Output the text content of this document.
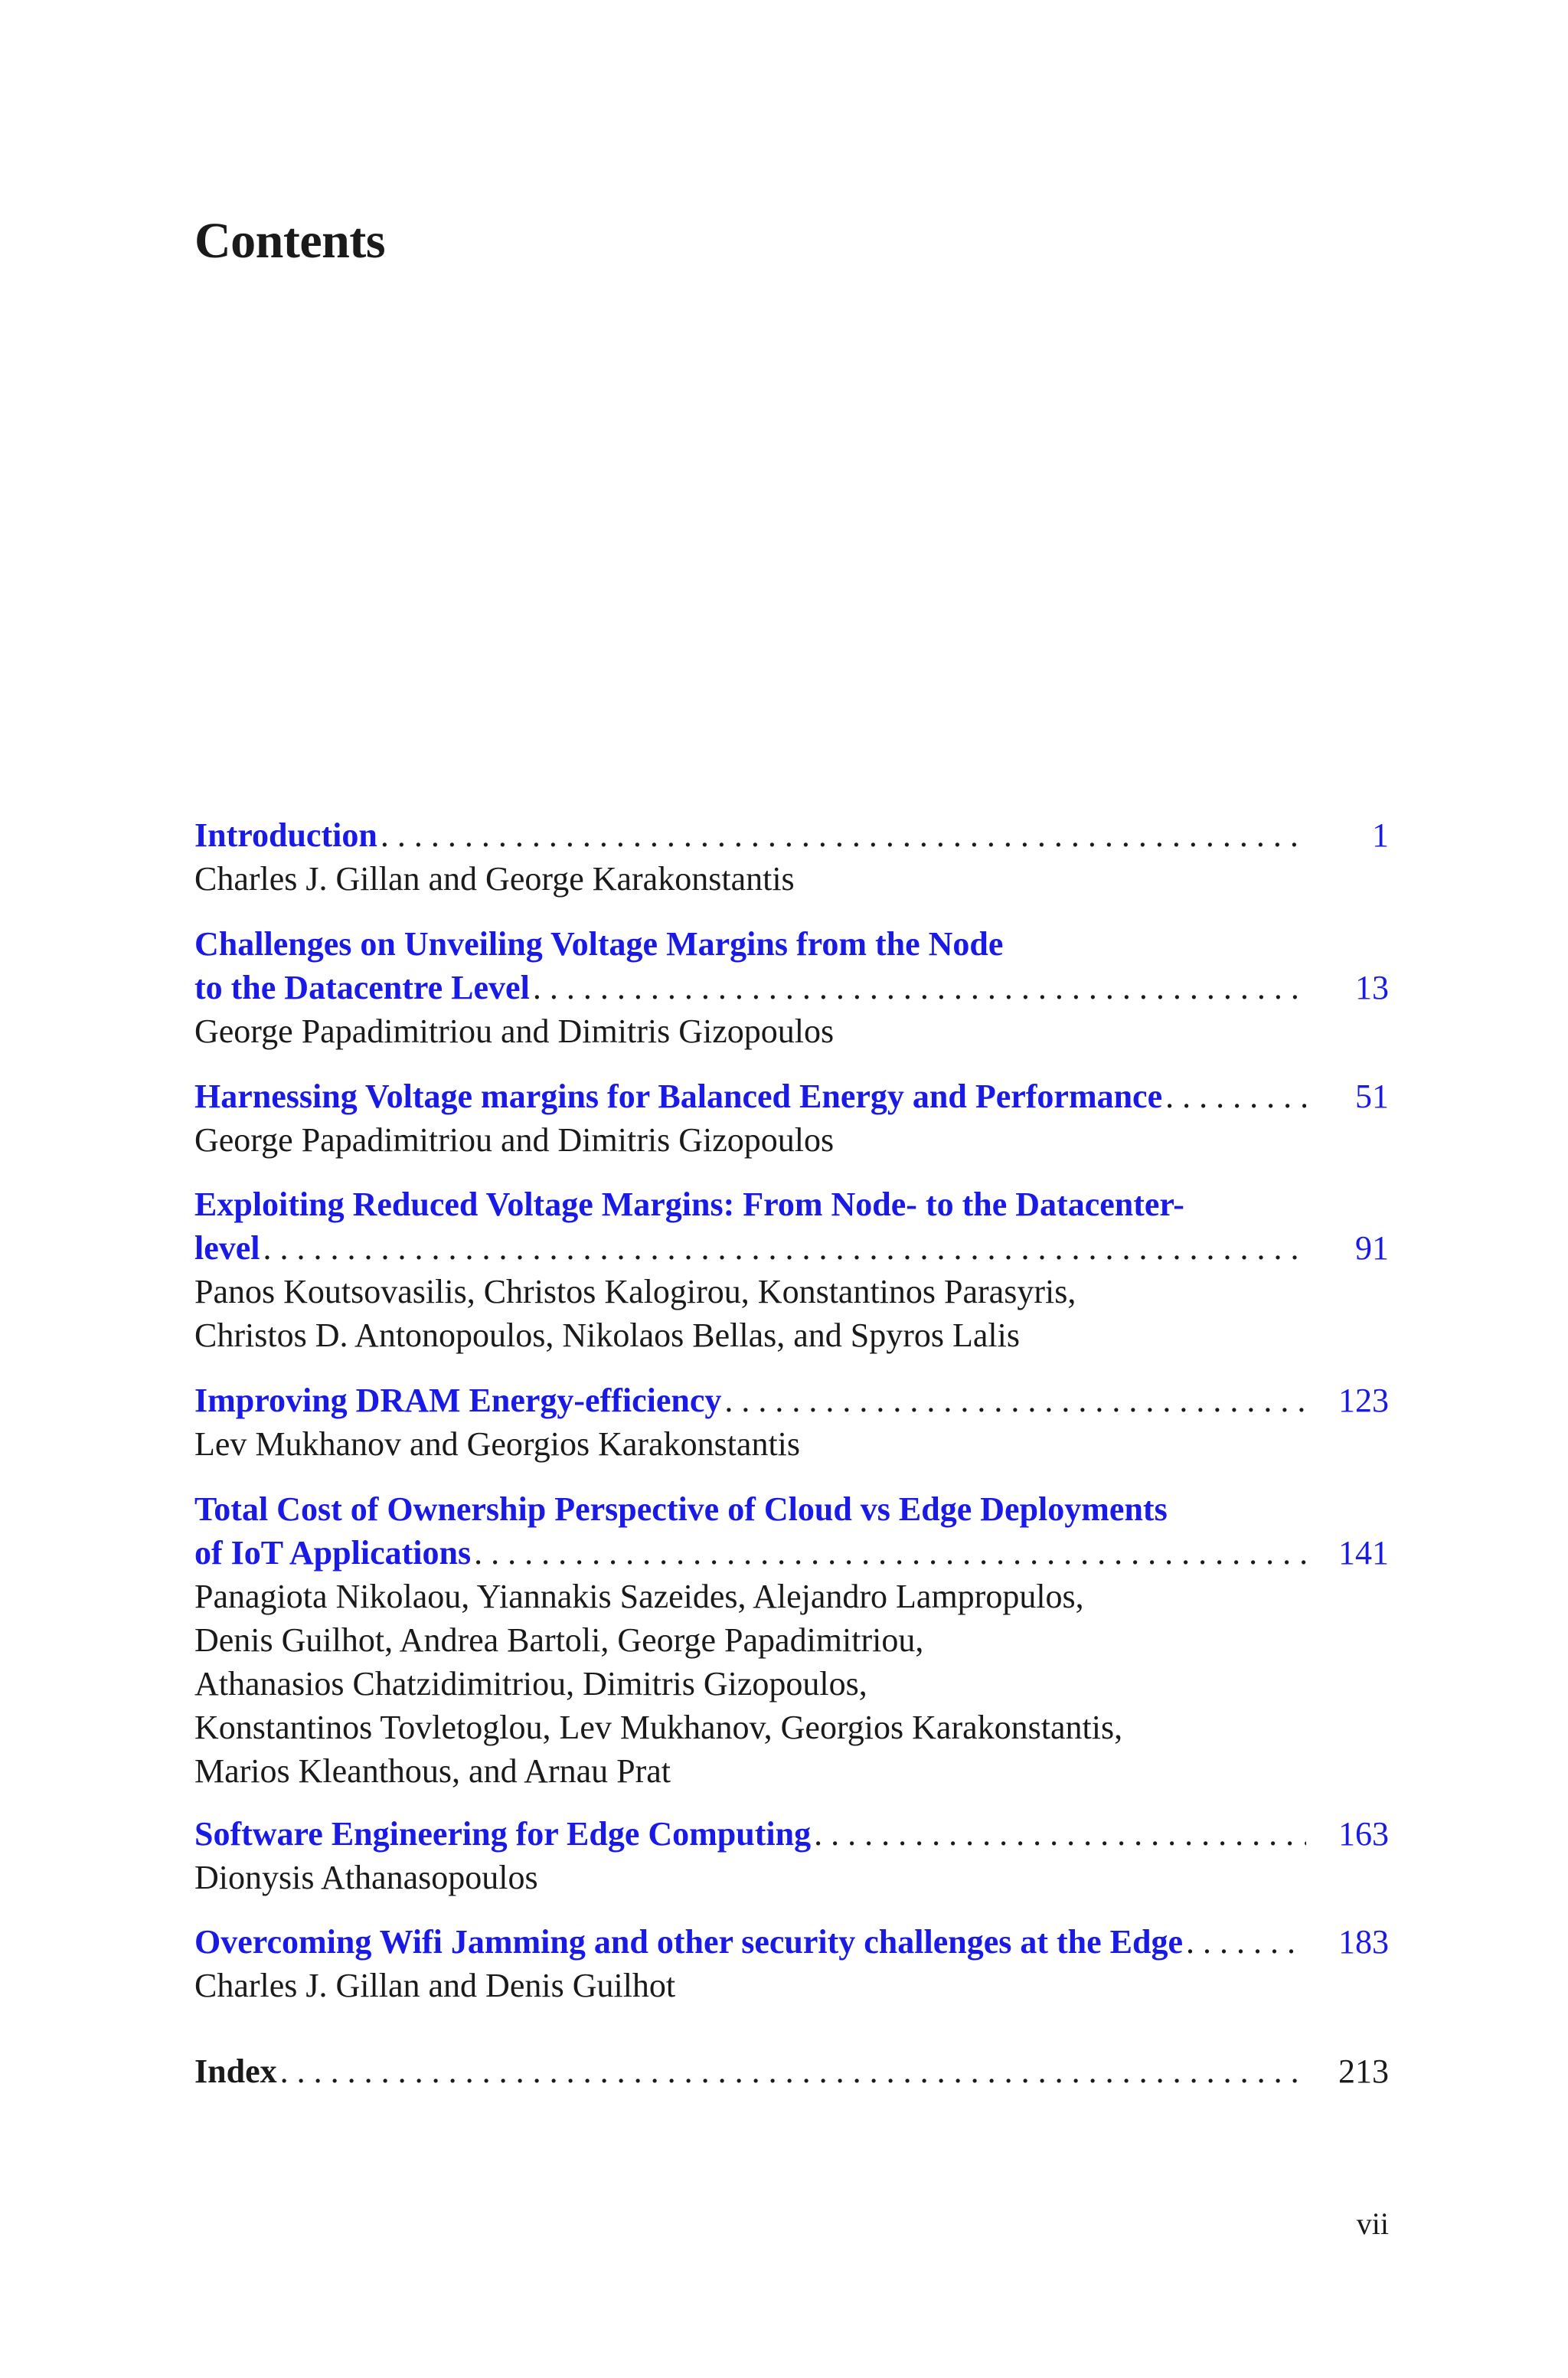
Contents
Introduction . . .	1
Charles J. Gillan and George Karakonstantis
Challenges on Unveiling Voltage Margins from the Node
to the Datacentre Level . . .	13
George Papadimitriou and Dimitris Gizopoulos
Harnessing Voltage margins for Balanced Energy and Performance . . .	51
George Papadimitriou and Dimitris Gizopoulos
Exploiting Reduced Voltage Margins: From Node- to the Datacenter-
level . . .	91
Panos Koutsovasilis, Christos Kalogirou, Konstantinos Parasyris,
Christos D. Antonopoulos, Nikolaos Bellas, and Spyros Lalis
Improving DRAM Energy-efficiency . . .	123
Lev Mukhanov and Georgios Karakonstantis
Total Cost of Ownership Perspective of Cloud vs Edge Deployments
of IoT Applications . . .	141
Panagiota Nikolaou, Yiannakis Sazeides, Alejandro Lampropulos,
Denis Guilhot, Andrea Bartoli, George Papadimitriou,
Athanasios Chatzidimitriou, Dimitris Gizopoulos,
Konstantinos Tovletoglou, Lev Mukhanov, Georgios Karakonstantis,
Marios Kleanthous, and Arnau Prat
Software Engineering for Edge Computing . . .	163
Dionysis Athanasopoulos
Overcoming Wifi Jamming and other security challenges at the Edge . . .	183
Charles J. Gillan and Denis Guilhot
Index . . .	213
vii
